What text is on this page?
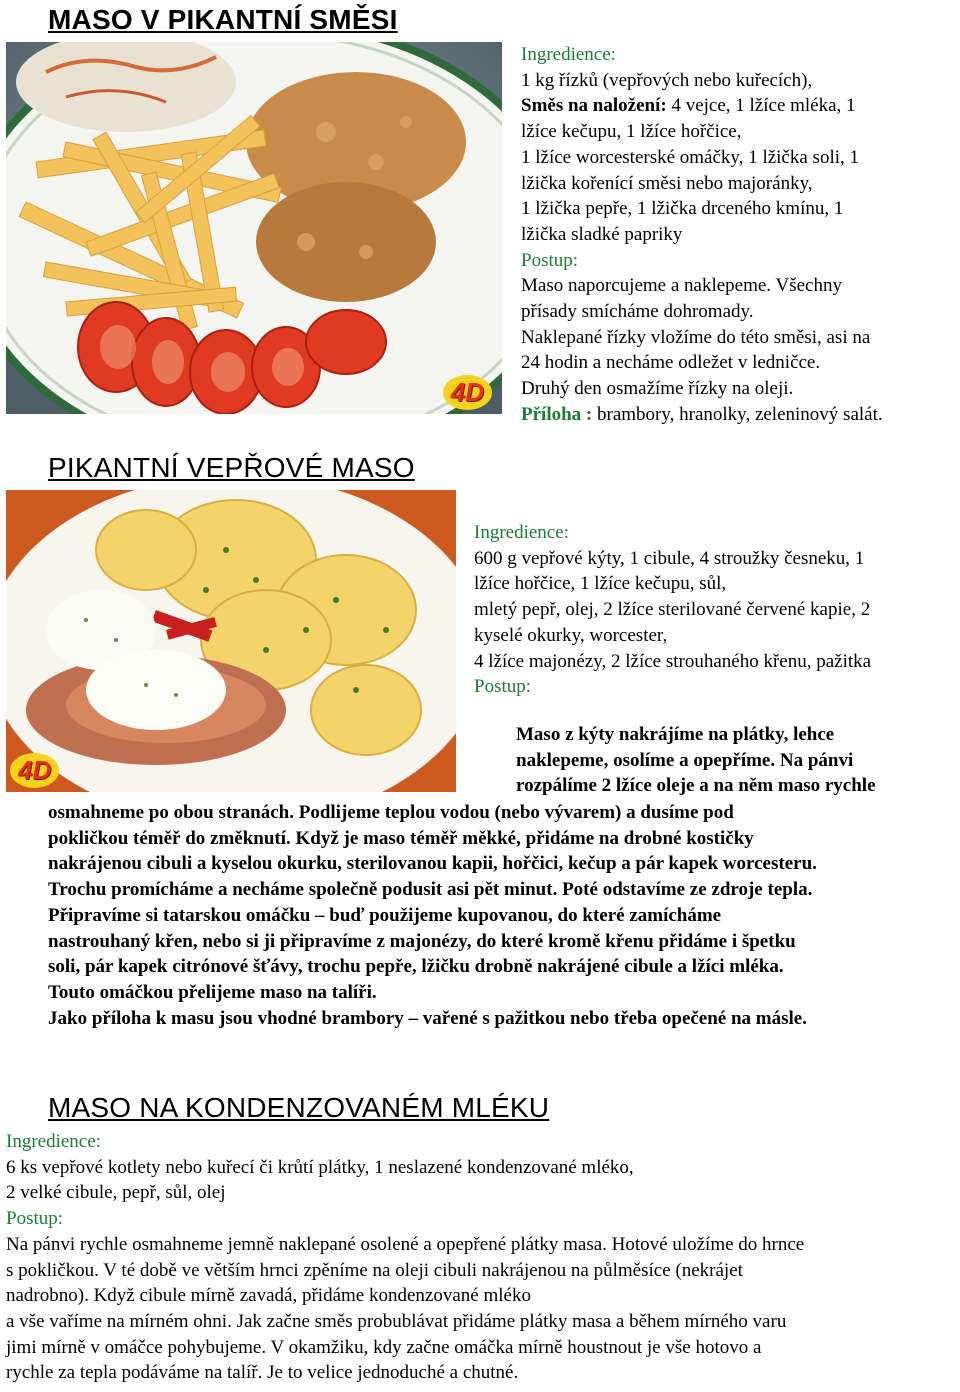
MASO V PIKANTNÍ SMĚSI
4D
Ingredience:
1 kg řízků (vepřových nebo kuřecích),
Směs na naložení: 4 vejce, 1 lžíce mléka, 1
lžíce kečupu, 1 lžíce hořčice,
1 lžíce worcesterské omáčky, 1 lžička soli, 1
lžička kořenící směsi nebo majoránky,
1 lžička pepře, 1 lžička drceného kmínu, 1
lžička sladké papriky
Postup:
Maso naporcujeme a naklepeme. Všechny
přísady smícháme dohromady.
Naklepané řízky vložíme do této směsi, asi na
24 hodin a necháme odležet v ledničce.
Druhý den osmažíme řízky na oleji.
Příloha : brambory, hranolky, zeleninový salát.
PIKANTNÍ VEPŘOVÉ MASO
4D
Ingredience:
600 g vepřové kýty, 1 cibule, 4 stroužky česneku, 1
lžíce hořčice, 1 lžíce kečupu, sůl,
mletý pepř, olej, 2 lžíce sterilované červené kapie, 2
kyselé okurky, worcester,
4 lžíce majonézy, 2 lžíce strouhaného křenu, pažitka
Postup:
Maso z kýty nakrájíme na plátky, lehce
naklepeme, osolíme a opepříme. Na pánvi
rozpálíme 2 lžíce oleje a na něm maso rychle
osmahneme po obou stranách. Podlijeme teplou vodou (nebo vývarem) a dusíme pod
pokličkou téměř do změknutí. Když je maso téměř měkké, přidáme na drobné kostičky
nakrájenou cibuli a kyselou okurku, sterilovanou kapii, hořčici, kečup a pár kapek worcesteru.
Trochu promícháme a necháme společně podusit asi pět minut. Poté odstavíme ze zdroje tepla.
Připravíme si tatarskou omáčku – buď použijeme kupovanou, do které zamícháme
nastrouhaný křen, nebo si ji připravíme z majonézy, do které kromě křenu přidáme i špetku
soli, pár kapek citrónové šťávy, trochu pepře, lžičku drobně nakrájené cibule a lžíci mléka.
Touto omáčkou přelijeme maso na talíři.
Jako příloha k masu jsou vhodné brambory – vařené s pažitkou nebo třeba opečené na másle.
MASO NA KONDENZOVANÉM MLÉKU
Ingredience:
6 ks vepřové kotlety nebo kuřecí či krůtí plátky, 1 neslazené kondenzované mléko,
2 velké cibule, pepř, sůl, olej
Postup:
Na pánvi rychle osmahneme jemně naklepané osolené a opepřené plátky masa. Hotové uložíme do hrnce
s pokličkou. V té době ve větším hrnci zpěníme na oleji cibuli nakrájenou na půlměsíce (nekrájet
nadrobno). Když cibule mírně zavadá, přidáme kondenzované mléko
a vše vaříme na mírném ohni. Jak začne směs probublávat přidáme plátky masa a během mírného varu
jimi mírně v omáčce pohybujeme. V okamžiku, kdy začne omáčka mírně houstnout je vše hotovo a
rychle za tepla podáváme na talíř. Je to velice jednoduché a chutné.
